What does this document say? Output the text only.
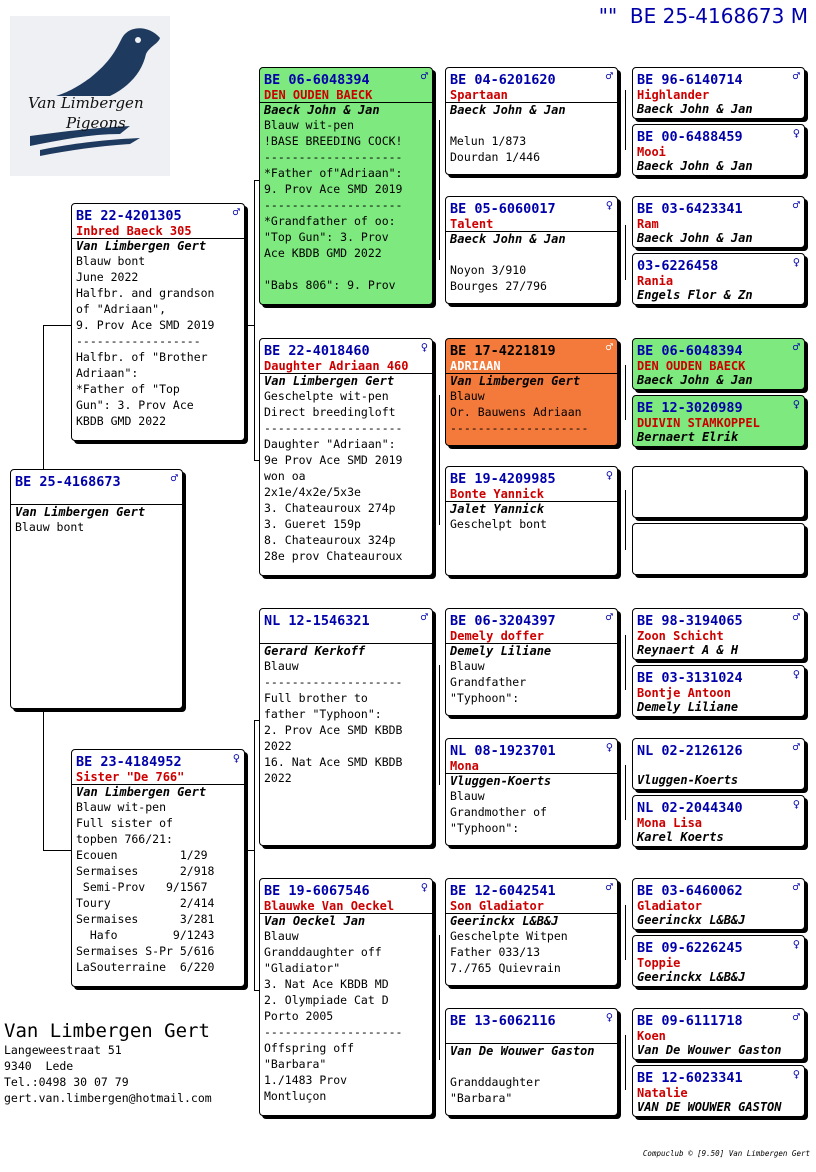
"" BE 25-4168673 M
Van Limbergen
Pigeons
BE 25-4168673	♂

Van Limbergen Gert
Blauw bont
BE 22-4201305	♂
Inbred Baeck 305
Van Limbergen Gert
Blauw bont
June 2022
Halfbr. and grandson
of "Adriaan",
9. Prov Ace SMD 2019
------------------
Halfbr. of "Brother
Adriaan":
*Father of "Top
Gun": 3. Prov Ace
KBDB GMD 2022
BE 23-4184952	♀
Sister "De 766"
Van Limbergen Gert
Blauw wit-pen
Full sister of
topben 766/21:
Ecouen         1/29
Sermaises      2/918
Semi-Prov   9/1567
Toury          2/414
Sermaises      3/281
Hafo        9/1243
Sermaises S-Pr 5/616
LaSouterraine  6/220
BE 06-6048394	♂
DEN OUDEN BAECK
Baeck John & Jan
Blauw wit-pen
!BASE BREEDING COCK!
--------------------
*Father of"Adriaan":
9. Prov Ace SMD 2019
--------------------
*Grandfather of oo:
"Top Gun": 3. Prov
Ace KBDB GMD 2022

"Babs 806": 9. Prov
BE 22-4018460	♀
Daughter Adriaan 460
Van Limbergen Gert
Geschelpte wit-pen
Direct breedingloft
--------------------
Daughter "Adriaan":
9e Prov Ace SMD 2019
won oa
2x1e/4x2e/5x3e
3. Chateauroux 274p
3. Gueret 159p
8. Chateauroux 324p
28e prov Chateauroux
NL 12-1546321	♂

Gerard Kerkoff
Blauw
--------------------
Full brother to
father "Typhoon":
2. Prov Ace SMD KBDB
2022
16. Nat Ace SMD KBDB
2022
BE 19-6067546	♀
Blauwke Van Oeckel
Van Oeckel Jan
Blauw
Granddaughter off
"Gladiator"
3. Nat Ace KBDB MD
2. Olympiade Cat D
Porto 2005
--------------------
Offspring off
"Barbara"
1./1483 Prov
Montluçon
BE 04-6201620	♂
Spartaan
Baeck John & Jan

Melun 1/873
Dourdan 1/446
BE 05-6060017	♀
Talent
Baeck John & Jan

Noyon 3/910
Bourges 27/796
BE 17-4221819	♂
ADRIAAN
Van Limbergen Gert
Blauw
Or. Bauwens Adriaan
--------------------
BE 19-4209985	♀
Bonte Yannick
Jalet Yannick
Geschelpt bont
BE 06-3204397	♂
Demely doffer
Demely Liliane
Blauw
Grandfather
"Typhoon":
NL 08-1923701	♀
Mona
Vluggen-Koerts
Blauw
Grandmother of
"Typhoon":
BE 12-6042541	♂
Son Gladiator
Geerinckx L&B&J
Geschelpte Witpen
Father 033/13
7./765 Quievrain
BE 13-6062116	♀

Van De Wouwer Gaston

Granddaughter
"Barbara"
BE 96-6140714	♂
Highlander
Baeck John & Jan
BE 00-6488459	♀
Mooi
Baeck John & Jan
BE 03-6423341	♂
Ram
Baeck John & Jan
03-6226458	♀
Rania
Engels Flor & Zn
BE 06-6048394	♂
DEN OUDEN BAECK
Baeck John & Jan
BE 12-3020989	♀
DUIVIN STAMKOPPEL
Bernaert Elrik
BE 98-3194065	♂
Zoon Schicht
Reynaert A & H
BE 03-3131024	♀
Bontje Antoon
Demely Liliane
NL 02-2126126	♂

Vluggen-Koerts
NL 02-2044340	♀
Mona Lisa
Karel Koerts
BE 03-6460062	♂
Gladiator
Geerinckx L&B&J
BE 09-6226245	♀
Toppie
Geerinckx L&B&J
BE 09-6111718	♂
Koen
Van De Wouwer Gaston
BE 12-6023341	♀
Natalie
VAN DE WOUWER GASTON
Van Limbergen Gert
Langeweestraat 51
9340  Lede
Tel.:0498 30 07 79
gert.van.limbergen@hotmail.com
Compuclub © [9.50] Van Limbergen Gert
